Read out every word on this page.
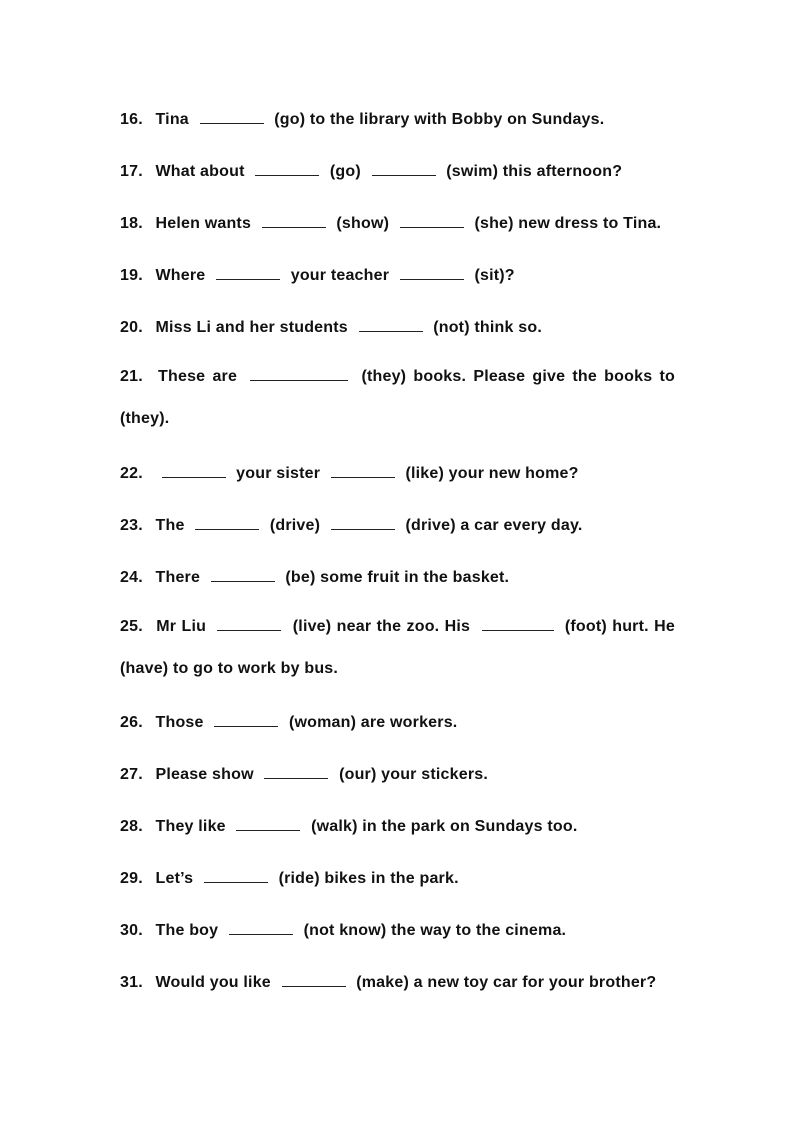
16. Tina	(go) to the library with Bobby on Sundays.
17. What about	(go)	(swim) this afternoon?
18. Helen wants	(show)	(she) new dress to Tina.
19. Where	your teacher	(sit)?
20. Miss Li and her students	(not) think so.
21. These are	(they) books. Please give the books to (they).
22.	your sister	(like) your new home?
23. The	(drive)	(drive) a car every day.
24. There	(be) some fruit in the basket.
25. Mr Liu	(live) near the zoo. His	(foot) hurt. He (have) to go to work by bus.
26. Those	(woman) are workers.
27. Please show	(our) your stickers.
28. They like	(walk) in the park on Sundays too.
29. Let’s	(ride) bikes in the park.
30. The boy	(not know) the way to the cinema.
31. Would you like	(make) a new toy car for your brother?
